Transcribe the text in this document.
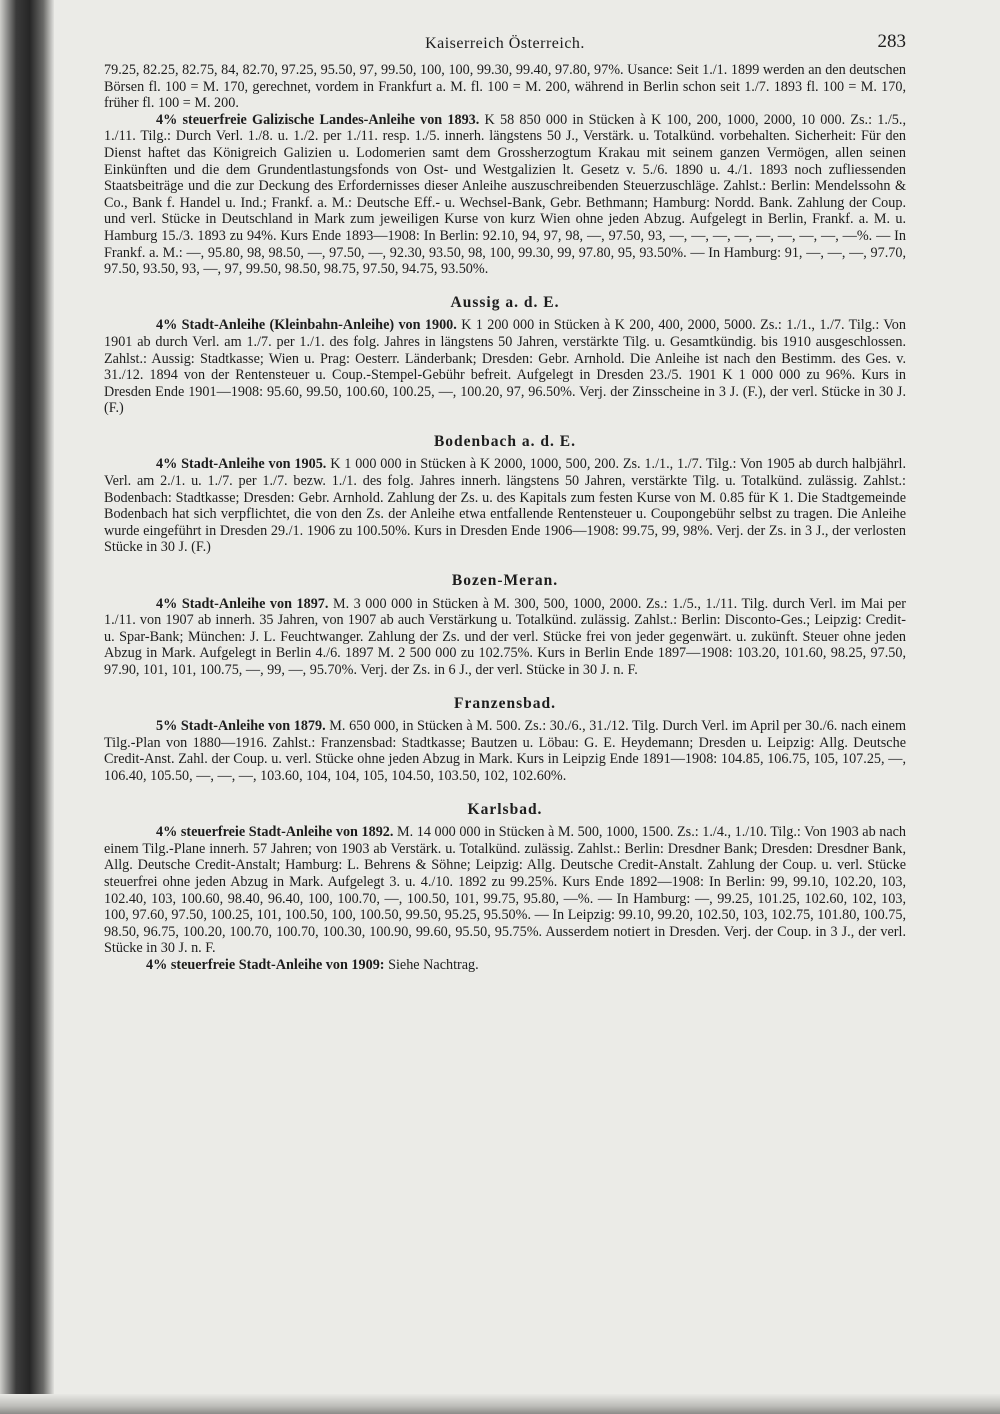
Kaiserreich Österreich.	283

79.25, 82.25, 82.75, 84, 82.70, 97.25, 95.50, 97, 99.50, 100, 100, 99.30, 99.40, 97.80, 97%. Usance: Seit 1./1. 1899 werden an den deutschen Börsen fl. 100 = M. 170, gerechnet, vordem in Frankfurt a. M. fl. 100 = M. 200, während in Berlin schon seit 1./7. 1893 fl. 100 = M. 170, früher fl. 100 = M. 200.

4% steuerfreie Galizische Landes-Anleihe von 1893. K 58 850 000 in Stücken à K 100, 200, 1000, 2000, 10 000. Zs.: 1./5., 1./11. Tilg.: Durch Verl. 1./8. u. 1./2. per 1./11. resp. 1./5. innerh. längstens 50 J., Verstärk. u. Totalkünd. vorbehalten. Sicherheit: Für den Dienst haftet das Königreich Galizien u. Lodomerien samt dem Grossherzogtum Krakau mit seinem ganzen Vermögen, allen seinen Einkünften und die dem Grundentlastungsfonds von Ost- und Westgalizien lt. Gesetz v. 5./6. 1890 u. 4./1. 1893 noch zufliessenden Staatsbeiträge und die zur Deckung des Erfordernisses dieser Anleihe auszuschreibenden Steuerzuschläge. Zahlst.: Berlin: Mendelssohn & Co., Bank f. Handel u. Ind.; Frankf. a. M.: Deutsche Eff.- u. Wechsel-Bank, Gebr. Bethmann; Hamburg: Nordd. Bank. Zahlung der Coup. und verl. Stücke in Deutschland in Mark zum jeweiligen Kurse von kurz Wien ohne jeden Abzug. Aufgelegt in Berlin, Frankf. a. M. u. Hamburg 15./3. 1893 zu 94%. Kurs Ende 1893—1908: In Berlin: 92.10, 94, 97, 98, —, 97.50, 93, —, —, —, —, —, —, —, —, —%. — In Frankf. a. M.: —, 95.80, 98, 98.50, —, 97.50, —, 92.30, 93.50, 98, 100, 99.30, 99, 97.80, 95, 93.50%. — In Hamburg: 91, —, —, —, 97.70, 97.50, 93.50, 93, —, 97, 99.50, 98.50, 98.75, 97.50, 94.75, 93.50%.

Aussig a. d. E.

4% Stadt-Anleihe (Kleinbahn-Anleihe) von 1900. K 1 200 000 in Stücken à K 200, 400, 2000, 5000. Zs.: 1./1., 1./7. Tilg.: Von 1901 ab durch Verl. am 1./7. per 1./1. des folg. Jahres in längstens 50 Jahren, verstärkte Tilg. u. Gesamtkündig. bis 1910 ausgeschlossen. Zahlst.: Aussig: Stadtkasse; Wien u. Prag: Oesterr. Länderbank; Dresden: Gebr. Arnhold. Die Anleihe ist nach den Bestimm. des Ges. v. 31./12. 1894 von der Rentensteuer u. Coup.-Stempel-Gebühr befreit. Aufgelegt in Dresden 23./5. 1901 K 1 000 000 zu 96%. Kurs in Dresden Ende 1901—1908: 95.60, 99.50, 100.60, 100.25, —, 100.20, 97, 96.50%. Verj. der Zinsscheine in 3 J. (F.), der verl. Stücke in 30 J. (F.)

Bodenbach a. d. E.

4% Stadt-Anleihe von 1905. K 1 000 000 in Stücken à K 2000, 1000, 500, 200. Zs. 1./1., 1./7. Tilg.: Von 1905 ab durch halbjährl. Verl. am 2./1. u. 1./7. per 1./7. bezw. 1./1. des folg. Jahres innerh. längstens 50 Jahren, verstärkte Tilg. u. Totalkünd. zulässig. Zahlst.: Bodenbach: Stadtkasse; Dresden: Gebr. Arnhold. Zahlung der Zs. u. des Kapitals zum festen Kurse von M. 0.85 für K 1. Die Stadtgemeinde Bodenbach hat sich verpflichtet, die von den Zs. der Anleihe etwa entfallende Rentensteuer u. Coupongebühr selbst zu tragen. Die Anleihe wurde eingeführt in Dresden 29./1. 1906 zu 100.50%. Kurs in Dresden Ende 1906—1908: 99.75, 99, 98%. Verj. der Zs. in 3 J., der verlosten Stücke in 30 J. (F.)

Bozen-Meran.

4% Stadt-Anleihe von 1897. M. 3 000 000 in Stücken à M. 300, 500, 1000, 2000. Zs.: 1./5., 1./11. Tilg. durch Verl. im Mai per 1./11. von 1907 ab innerh. 35 Jahren, von 1907 ab auch Verstärkung u. Totalkünd. zulässig. Zahlst.: Berlin: Disconto-Ges.; Leipzig: Credit- u. Spar-Bank; München: J. L. Feuchtwanger. Zahlung der Zs. und der verl. Stücke frei von jeder gegenwärt. u. zukünft. Steuer ohne jeden Abzug in Mark. Aufgelegt in Berlin 4./6. 1897 M. 2 500 000 zu 102.75%. Kurs in Berlin Ende 1897—1908: 103.20, 101.60, 98.25, 97.50, 97.90, 101, 101, 100.75, —, 99, —, 95.70%. Verj. der Zs. in 6 J., der verl. Stücke in 30 J. n. F.

Franzensbad.

5% Stadt-Anleihe von 1879. M. 650 000, in Stücken à M. 500. Zs.: 30./6., 31./12. Tilg. Durch Verl. im April per 30./6. nach einem Tilg.-Plan von 1880—1916. Zahlst.: Franzensbad: Stadtkasse; Bautzen u. Löbau: G. E. Heydemann; Dresden u. Leipzig: Allg. Deutsche Credit-Anst. Zahl. der Coup. u. verl. Stücke ohne jeden Abzug in Mark. Kurs in Leipzig Ende 1891—1908: 104.85, 106.75, 105, 107.25, —, 106.40, 105.50, —, —, —, 103.60, 104, 104, 105, 104.50, 103.50, 102, 102.60%.

Karlsbad.

4% steuerfreie Stadt-Anleihe von 1892. M. 14 000 000 in Stücken à M. 500, 1000, 1500. Zs.: 1./4., 1./10. Tilg.: Von 1903 ab nach einem Tilg.-Plane innerh. 57 Jahren; von 1903 ab Verstärk. u. Totalkünd. zulässig. Zahlst.: Berlin: Dresdner Bank; Dresden: Dresdner Bank, Allg. Deutsche Credit-Anstalt; Hamburg: L. Behrens & Söhne; Leipzig: Allg. Deutsche Credit-Anstalt. Zahlung der Coup. u. verl. Stücke steuerfrei ohne jeden Abzug in Mark. Aufgelegt 3. u. 4./10. 1892 zu 99.25%. Kurs Ende 1892—1908: In Berlin: 99, 99.10, 102.20, 103, 102.40, 103, 100.60, 98.40, 96.40, 100, 100.70, —, 100.50, 101, 99.75, 95.80, —%. — In Hamburg: —, 99.25, 101.25, 102.60, 102, 103, 100, 97.60, 97.50, 100.25, 101, 100.50, 100, 100.50, 99.50, 95.25, 95.50%. — In Leipzig: 99.10, 99.20, 102.50, 103, 102.75, 101.80, 100.75, 98.50, 96.75, 100.20, 100.70, 100.70, 100.30, 100.90, 99.60, 95.50, 95.75%. Ausserdem notiert in Dresden. Verj. der Coup. in 3 J., der verl. Stücke in 30 J. n. F.

4% steuerfreie Stadt-Anleihe von 1909: Siehe Nachtrag.
